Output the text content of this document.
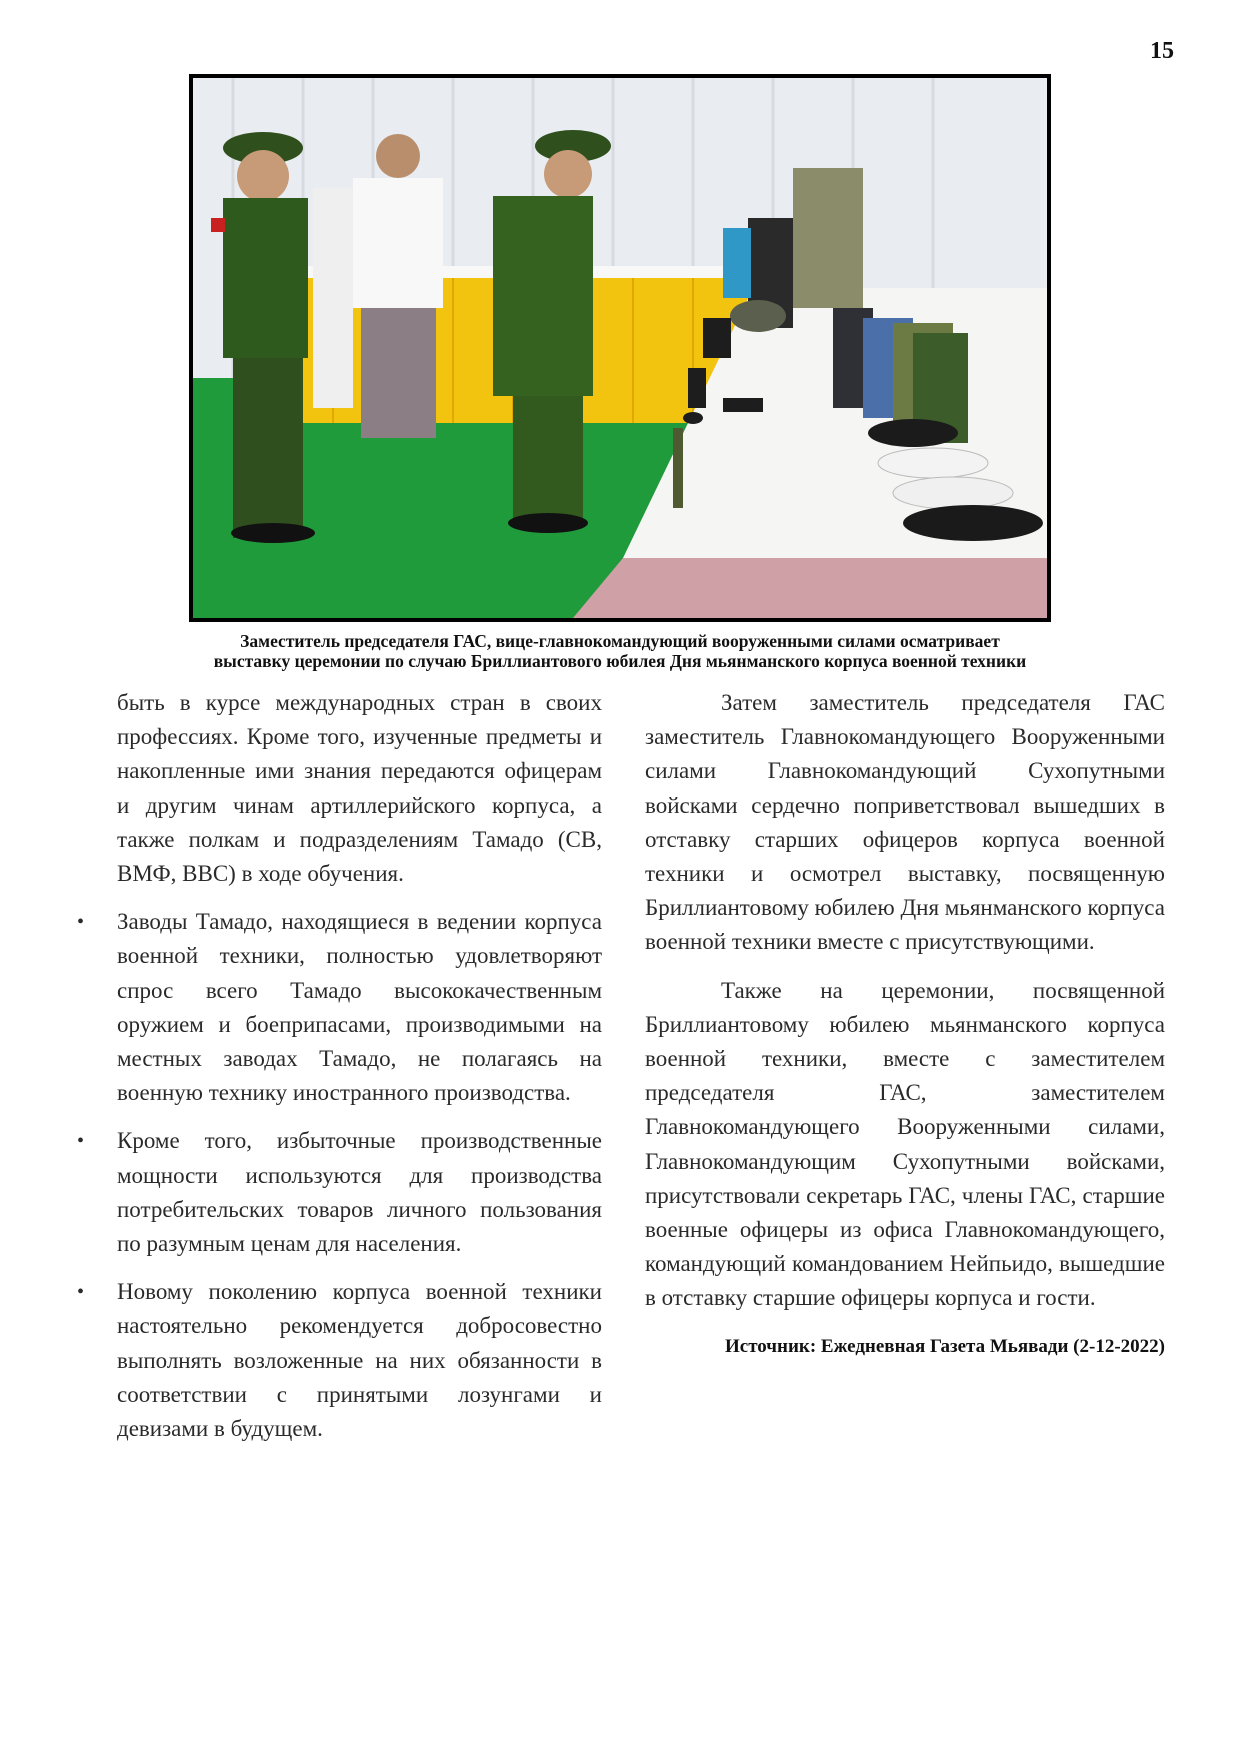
15
Заместитель председателя ГАС, вице-главнокомандующий вооруженными силами осматривает
выставку церемонии по случаю Бриллиантового юбилея Дня мьянманского корпуса военной техники

быть в курсе международных стран в своих профессиях. Кроме того, изученные предметы и накопленные ими знания передаются офицерам и другим чинам артиллерийского корпуса, а также полкам и подразделениям Тамадо (СВ, ВМФ, ВВС) в ходе обучения.

• Заводы Тамадо, находящиеся в ведении корпуса военной техники, полностью удовлетворяют спрос всего Тамадо высококачественным оружием и боеприпасами, производимыми на местных заводах Тамадо, не полагаясь на военную технику иностранного производства.
• Кроме того, избыточные производственные мощности используются для производства потребительских товаров личного пользования по разумным ценам для населения.
• Новому поколению корпуса военной техники настоятельно рекомендуется добросовестно выполнять возложенные на них обязанности в соответствии с принятыми лозунгами и девизами в будущем.

Затем заместитель председателя ГАС заместитель Главнокомандующего Вооруженными силами Главнокомандующий Сухопутными войсками сердечно поприветствовал вышедших в отставку старших офицеров корпуса военной техники и осмотрел выставку, посвященную Бриллиантовому юбилею Дня мьянманского корпуса военной техники вместе с присутствующими.

Также на церемонии, посвященной Бриллиантовому юбилею мьянманского корпуса военной техники, вместе с заместителем председателя ГАС, заместителем Главнокомандующего Вооруженными силами, Главнокомандующим Сухопутными войсками, присутствовали секретарь ГАС, члены ГАС, старшие военные офицеры из офиса Главнокомандующего, командующий командованием Нейпьидо, вышедшие в отставку старшие офицеры корпуса и гости.

Источник: Ежедневная Газета Мьявади (2-12-2022)
